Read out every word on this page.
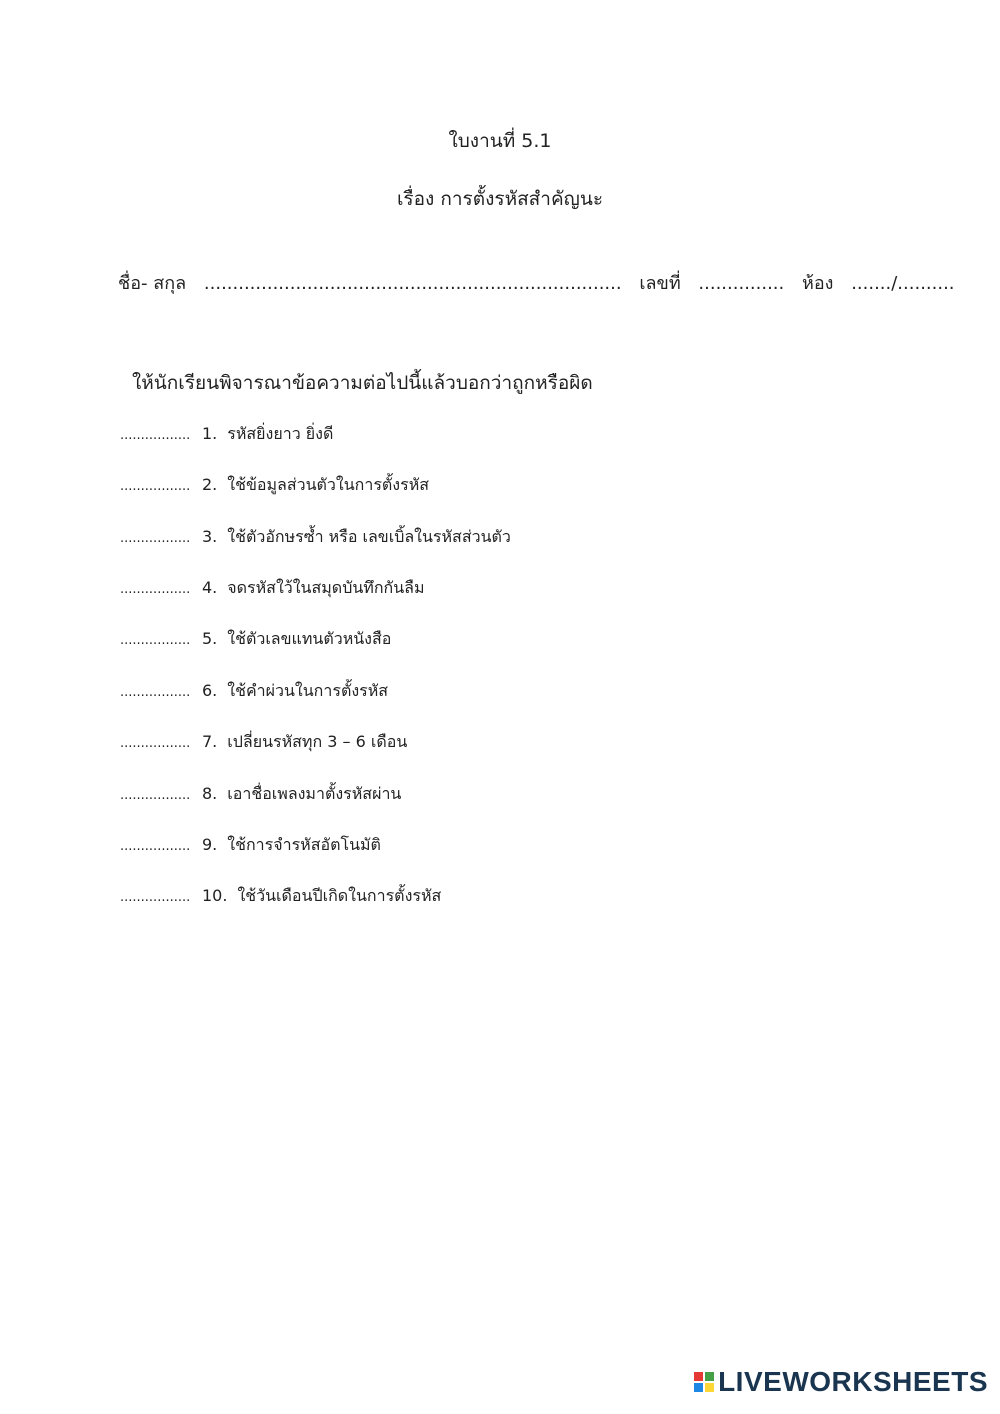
ใบงานที่ 5.1
เรื่อง การตั้งรหัสสำคัญนะ
ชื่อ- สกุล ......................................................................... เลขที่ ............... ห้อง ......./..........
ให้นักเรียนพิจารณาข้อความต่อไปนี้แล้วบอกว่าถูกหรือผิด
................. 1. รหัสยิ่งยาว ยิ่งดี
................. 2. ใช้ข้อมูลส่วนตัวในการตั้งรหัส
................. 3. ใช้ตัวอักษรซ้ำ หรือ เลขเบิ้ลในรหัสส่วนตัว
................. 4. จดรหัสใว้ในสมุดบันทึกกันลืม
................. 5. ใช้ตัวเลขแทนตัวหนังสือ
................. 6. ใช้คำผ่วนในการตั้งรหัส
................. 7. เปลี่ยนรหัสทุก 3 – 6 เดือน
................. 8. เอาชื่อเพลงมาตั้งรหัสผ่าน
................. 9. ใช้การจำรหัสอัตโนมัติ
................. 10. ใช้วันเดือนปีเกิดในการตั้งรหัส
LIVEWORKSHEETS
